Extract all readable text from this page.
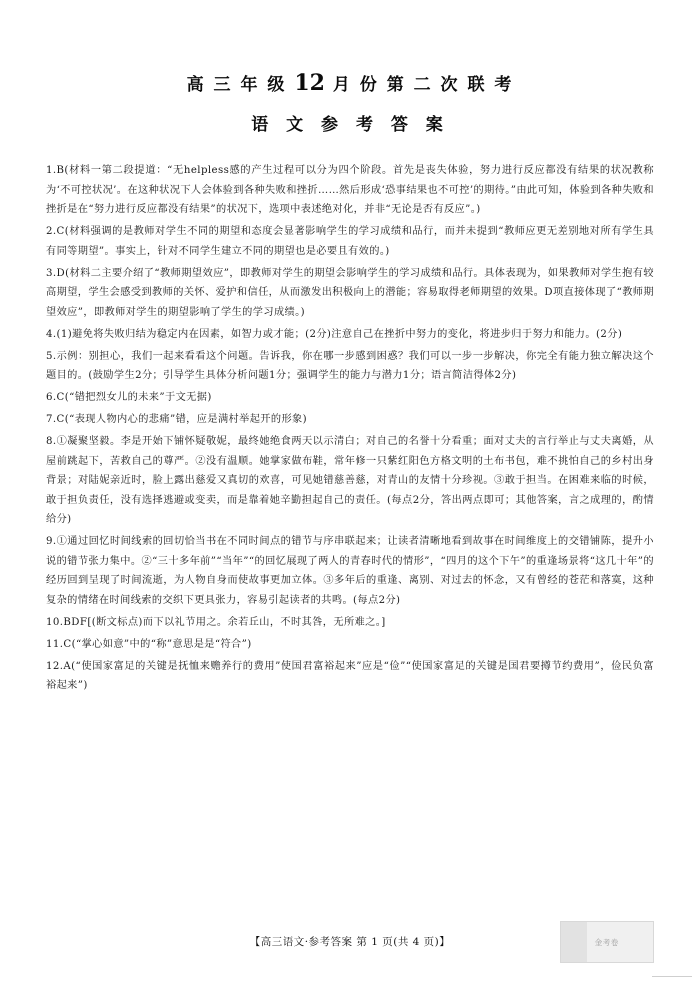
高 三 年 级 12 月 份 第 二 次 联 考
语 文 参 考 答 案
1.B(材料一第二段提道：“无helpless感的产生过程可以分为四个阶段。首先是丧失体验，努力进行反应都没有结果的状况教称为‘不可控状况’。在这种状况下人会体验到各种失败和挫折……然后形成‘恐事结果也不可控’的期待。”由此可知，体验到各种失败和挫折是在“努力进行反应都没有结果”的状况下，选项中表述绝对化，并非“无论是否有反应”。)
2.C(材料强调的是教师对学生不同的期望和态度会显著影响学生的学习成绩和品行，而并未提到“教师应更无差别地对所有学生具有同等期望”。事实上，针对不同学生建立不同的期望也是必要且有效的。)
3.D(材料二主要介绍了“教师期望效应”，即教师对学生的期望会影响学生的学习成绩和品行。具体表现为，如果教师对学生抱有较高期望，学生会感受到教师的关怀、爱护和信任，从而激发出积极向上的潜能；容易取得老师期望的效果。D项直接体现了“教师期望效应”，即教师对学生的期望影响了学生的学习成绩。)
4.(1)避免将失败归结为稳定内在因素，如智力或才能；(2分)注意自己在挫折中努力的变化，将进步归于努力和能力。(2分)
5.示例：别担心，我们一起来看看这个问题。告诉我，你在哪一步感到困惑？我们可以一步一步解决，你完全有能力独立解决这个题目的。(鼓励学生2分；引导学生具体分析问题1分；强调学生的能力与潜力1分；语言简洁得体2分)
6.C(“错把烈女儿的未来”于文无据)
7.C(“表现人物内心的悲痛”错，应是满村举起开的形象)
8.①凝聚坚毅。李是开始下铺怀疑敬妮，最终她绝食两天以示清白；对自己的名誉十分看重；面对丈夫的言行举止与丈夫离婚，从屋前跳起下，苦救自己的尊严。②没有温顺。她掌家做布鞋，常年修一只紫红阳色方格文明的土布书包，难不挑怕自己的乡村出身背景；对陆妮亲近时，脸上露出慈爱又真切的欢喜，可见她错慈善慈，对青山的友情十分珍视。③敢于担当。在困难来临的时候，敢于担负责任，没有选择逃避或变卖，而是靠着她辛勤担起自己的责任。(每点2分，答出两点即可；其他答案，言之成理的，酌情给分)
9.①通过回忆时间线索的回切恰当书在不同时间点的错节与序串联起来；让读者清晰地看到故事在时间维度上的交错铺陈，提升小说的错节张力集中。②“三十多年前”“当年”“的回忆展现了两人的青春时代的情形”，“四月的这个下午”的重逢场景将“这几十年”的经历回到呈现了时间流逝，为人物自身而使故事更加立体。③多年后的重逢、离别、对过去的怀念，又有曾经的苍茫和落寞，这种复杂的情绪在时间线索的交织下更具张力，容易引起读者的共鸣。(每点2分)
10.BDF[(断文标点)而下以礼节用之。余若丘山，不时其咎，无所难之。]
11.C(“掌心如意”中的“称”意思是是“符合”)
12.A(“使国家富足的关键是抚恤来赡养行的费用”使国君富裕起来”应是“俭”“使国家富足的关键是国君要撙节约费用”，俭民负富裕起来”)
【高三语文·参考答案 第 1 页(共 4 页)】	金考卷
